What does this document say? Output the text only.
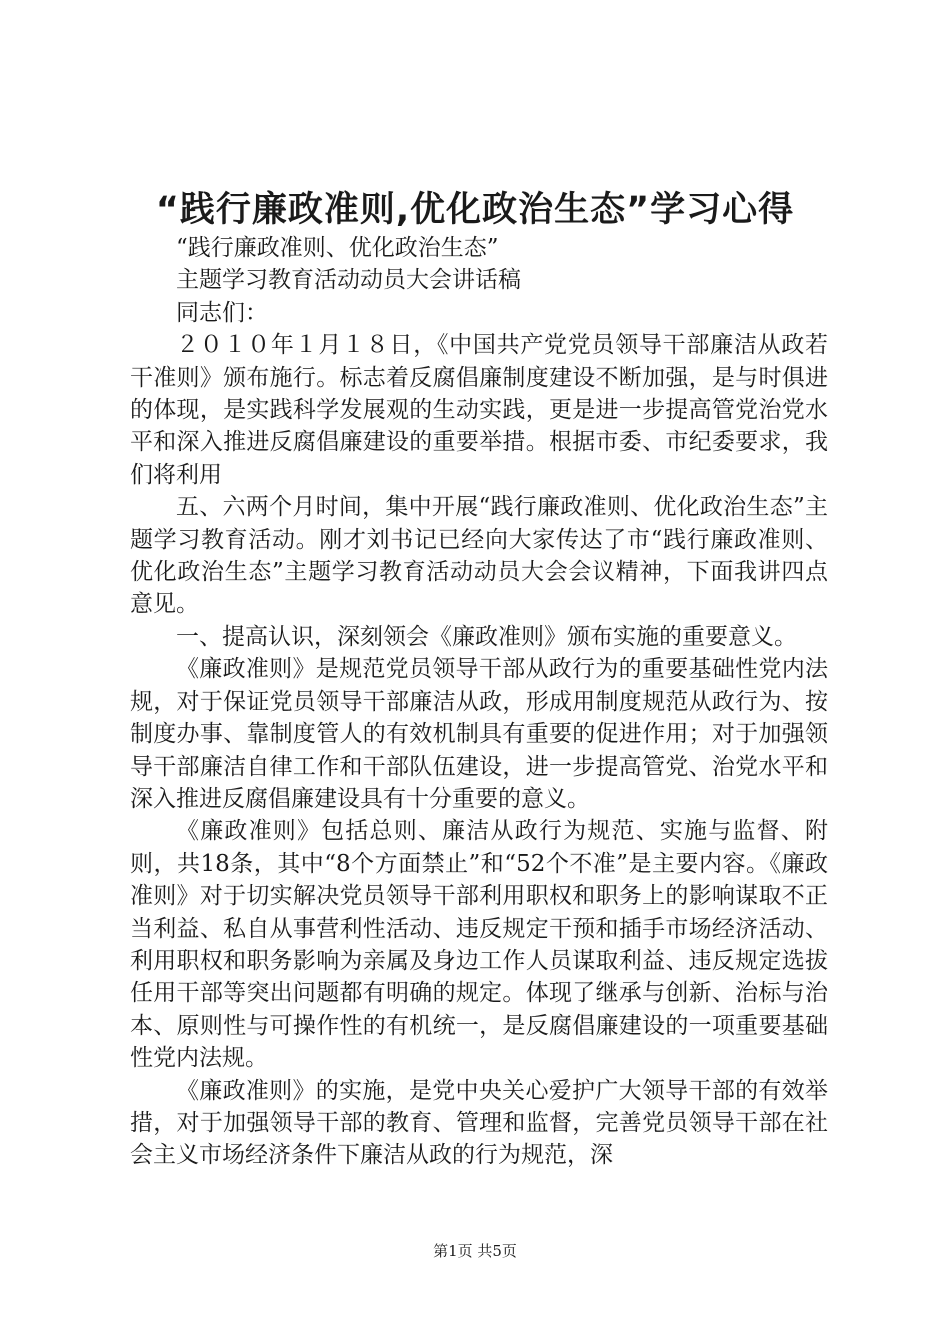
“践行廉政准则,优化政治生态”学习心得

“践行廉政准则、优化政治生态”

主题学习教育活动动员大会讲话稿

同志们：

２０１０年１月１８日，《中国共产党党员领导干部廉洁从政若干准则》颁布施行。标志着反腐倡廉制度建设不断加强，是与时俱进的体现，是实践科学发展观的生动实践，更是进一步提高管党治党水平和深入推进反腐倡廉建设的重要举措。根据市委、市纪委要求，我们将利用

五、六两个月时间，集中开展“践行廉政准则、优化政治生态”主题学习教育活动。刚才刘书记已经向大家传达了市“践行廉政准则、优化政治生态”主题学习教育活动动员大会会议精神，下面我讲四点意见。

一、提高认识，深刻领会《廉政准则》颁布实施的重要意义。

《廉政准则》是规范党员领导干部从政行为的重要基础性党内法规，对于保证党员领导干部廉洁从政，形成用制度规范从政行为、按制度办事、靠制度管人的有效机制具有重要的促进作用；对于加强领导干部廉洁自律工作和干部队伍建设，进一步提高管党、治党水平和深入推进反腐倡廉建设具有十分重要的意义。

《廉政准则》包括总则、廉洁从政行为规范、实施与监督、附则，共18条，其中“8个方面禁止”和“52个不准”是主要内容。《廉政准则》对于切实解决党员领导干部利用职权和职务上的影响谋取不正当利益、私自从事营利性活动、违反规定干预和插手市场经济活动、利用职权和职务影响为亲属及身边工作人员谋取利益、违反规定选拔任用干部等突出问题都有明确的规定。体现了继承与创新、治标与治本、原则性与可操作性的有机统一，是反腐倡廉建设的一项重要基础性党内法规。

《廉政准则》的实施，是党中央关心爱护广大领导干部的有效举措，对于加强领导干部的教育、管理和监督，完善党员领导干部在社会主义市场经济条件下廉洁从政的行为规范，深

第1页 共5页
